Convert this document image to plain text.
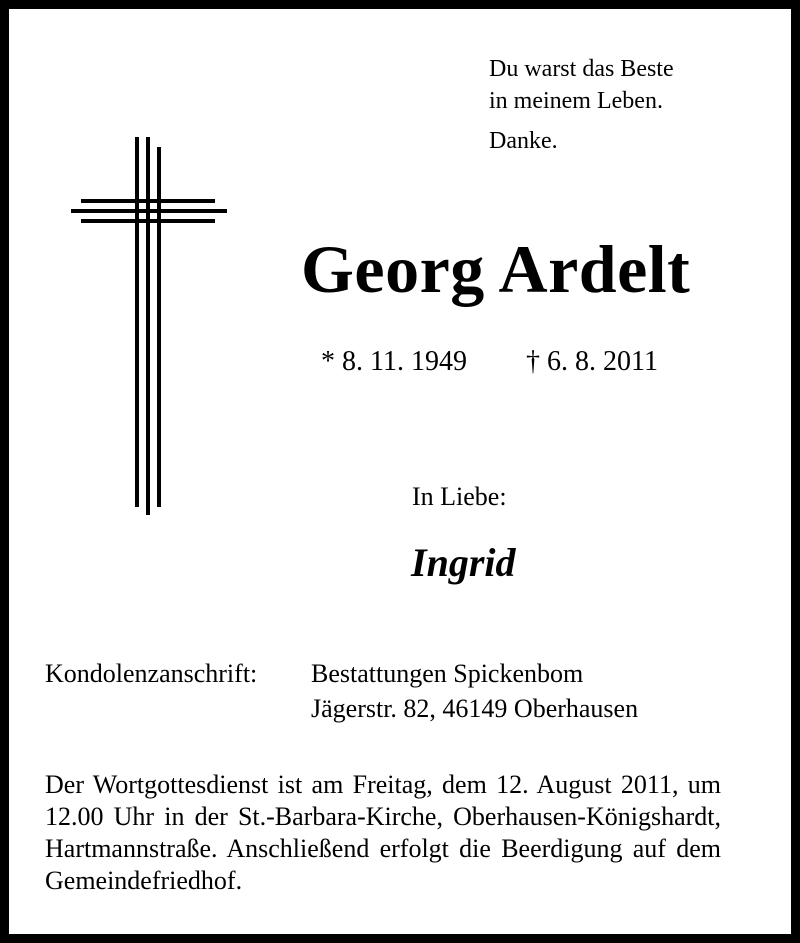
Du warst das Beste
in meinem Leben.
Danke.
Georg Ardelt
* 8. 11. 1949 † 6. 8. 2011
In Liebe:
Ingrid
Kondolenzanschrift: Bestattungen Spickenbom
Jägerstr. 82, 46149 Oberhausen
Der Wortgottesdienst ist am Freitag, dem 12. August 2011, um 12.00 Uhr in der St.-Barbara-Kirche, Oberhausen-Königshardt, Hartmannstraße. Anschließend erfolgt die Beerdigung auf dem Gemeindefriedhof.
